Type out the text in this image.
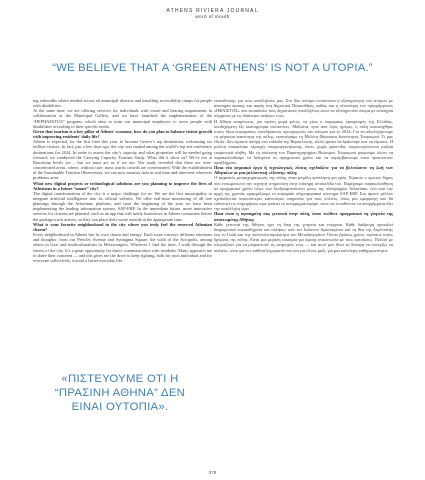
ATHENS RIVIERA JOURNAL
word of mouth
“WE BELIEVE THAT A ‘GREEN ATHENS’ IS NOT A UTOPIA.”

ing sidewalks where needed across all municipal districts and installing accessibility ramps for people with disabilities.

At the same time, we are offering services for individuals with visual and hearing impairments in collaboration at the Municipal Gallery, and we have launched the implementation of the “HEPHAESTUS” program, which aims to train our municipal employees to serve people with disabilities according to their specific needs.

Given that tourism is a key pillar of Athens’ economy, how do you plan to balance visitor growth with improving residents’ daily life?

Athens is expected, for the first time this year, to become Greece’s top destination, welcoming six million visitors. In fact, just a few days ago, the city was ranked among the world’s top ten conference destinations for 2024. In order to assess the city’s capacity and what properties will be needed going forward, we conducted the Carrying Capacity Tourism Study. What did it show us? We’re not at Barcelona levels yet – but we must act as if we are. The study revealed that there are over-concentrated areas, where, without care, mass tourist crowds are concentrated. With the establishment of the Sustainable Tourism Observatory, we can now monitor data in real time and intervene wherever problems arise.

What new digital projects or technological solutions are you planning to improve the lives of Athenians in a future “smart” city?

The digital transformation of the city is a major challenge for us. We are the first municipality to integrate artificial intelligence into its official website. We offer real-time monitoring of all tree plantings through the Arborinno platform, and soon the beginning of the year we have been implementing the leading information system, SAP-ERP. In the immediate future, more innovative services for citizens are planned, such as an app that will notify businesses in Athens consumers before the garbage truck arrives, so they can place their waste outside at the appropriate time.

What is your favorite neighborhood in the city where you truly feel the renewed Athenian charm?

Every neighborhood in Athens has its own charm and energy. Each route conveys different emotions and thoughts: from our Pericles Avenue and Syntagma Square, the walk of the Acropolis, among others in Gazi and multiculturalism in Metaxourgeio. Wherever I find the time, I walk through the streets of the city. It’s a great opportunity for direct communication with residents. Many approach me to share their concerns — and this gives me the drive to keep fighting, both for each individual and for everyone collectively, toward a better everyday life.

«ΠΙΣΤΕΥΟΥΜΕ ΟΤΙ Η
“ΠΡΑΣΙΝΗ ΑΘΗΝΑ” ΔΕΝ
ΕΙΝΑΙ ΟΥΤΟΠΙΑ».

εκπαίδευσης για τους υπαλλήλους μας. Στο ίδιο πνεύμα εντάσσεται η εξυπηρέτηση των ατόμων με αναπηρία όρασης και ακοής στη Δημοτική Πινακοθήκη, καθώς και η υλοποίηση του προγράμματος «ΗΦΑΙΣΤΟΣ» που εκπαιδεύει τους δημοτικούς υπαλλήλους ώστε να εξυπηρετούν άτομα με αναπηρία σύμφωνα με τις ιδιαίτερες ανάγκες τους.

Η Αθήνα αναμένεται, για πρώτη φορά φέτος, να γίνει ο κορυφαίος προορισμός της Ελλάδας, υποδεχόμενη έξι εκατομμύρια επισκέπτες. Μάλιστα, πριν από λίγες ημέρες, η πόλη κατατάχθηκε στους δέκα κορυφαίους συνεδριακούς προορισμούς του κόσμου για το 2024. Για να αξιολογήσουμε τη φέρουσα ικανότητα της πόλης, εκπονήσαμε τη Μελέτη Φέρουσας Ικανότητας Τουρισμού. Τι μας έδειξε; Δεν είμαστε ακόμη στα επίπεδα της Βαρκελώνης, αλλά πρέπει να δράσουμε σαν να είμαστε. Η μελέτη αποκάλυψε περιοχές υπερσυγκέντρωσης, όπου, χωρίς φροντίδα, συγκεντρώνονται μαζικά τουριστικά πλήθη. Με τη σύσταση του Παρατηρητηρίου Βιώσιμου Τουρισμού μπορούμε πλέον να παρακολουθούμε τα δεδομένα σε πραγματικό χρόνο και να παρεμβαίνουμε όπου προκύπτουν προβλήματα.

Ποια νέα ψηφιακά έργα ή τεχνολογικές λύσεις σχεδιάζετε για να βελτιώσετε τη ζωή των Αθηναίων σε μια μελλοντική «έξυπνη» πόλη;

Ο ψηφιακός μετασχηματισμός της πόλης είναι μεγάλη πρόκληση για εμάς. Είμαστε ο πρώτος δήμος που ενσωματώνει την τεχνητή νοημοσύνη στην επίσημη ιστοσελίδα του. Παρέχουμε παρακολούθηση σε πραγματικό χρόνο όλων των δενδροφυτεύσεων μέσω της πλατφόρμας Arborinno, ενώ από την αρχή της χρονιάς εφαρμόζουμε το κορυφαίο πληροφοριακό σύστημα SAP-ERP. Στο άμεσο μέλλον σχεδιάζονται περισσότερες καινοτόμες υπηρεσίες για τους πολίτες, όπως μια εφαρμογή που θα ειδοποιεί τις επιχειρήσεις πριν φτάσει το απορριμματοφόρο, ώστε να τοποθετούν τα απορρίμματα έξω την κατάλληλη ώρα.

Ποια είναι η αγαπημένη σας γειτονιά στην πόλη, όπου νιώθετε πραγματικά τη γοητεία της ανανεωμένης Αθήνας;

Κάθε γειτονιά της Αθήνας έχει τη δική της γοητεία και ενέργεια. Κάθε διαδρομή προκαλεί διαφορετικά συναισθήματα και σκέψεις: από τον Ιωάννου Αρεοπαγίτου και τη θέα της Ακρόπολης έως το Γκάζι και την πολυπολιτισμικότητα του Μεταξουργείου. Όποτε βρίσκω χρόνο, περπατώ στους δρόμους της πόλης. Είναι μια μεγάλη ευκαιρία για άμεση επικοινωνία με τους κατοίκους. Πολλοί με πλησιάζουν για να μοιραστούν τις ανησυχίες τους — και αυτό μου δίνει τη δύναμη να συνεχίζω να παλεύω, τόσο για τον καθένα ξεχωριστά όσο και για όλους μαζί, για μια καλύτερη καθημερινότητα.

078
